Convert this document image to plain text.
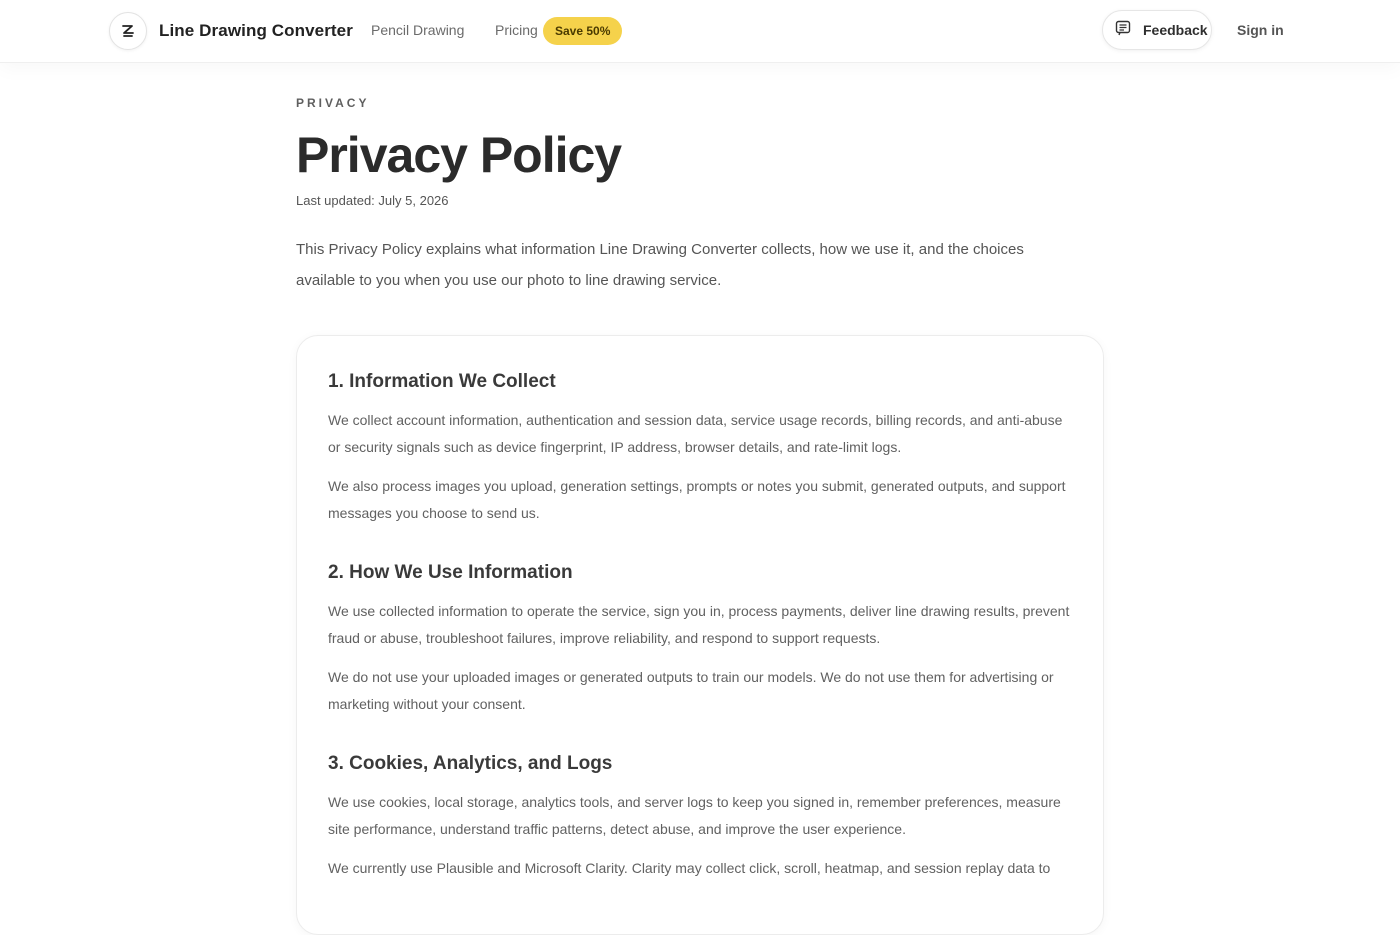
Line Drawing Converter Pencil Drawing Pricing	Save 50%	Feedback Sign in
PRIVACY
Privacy Policy
Last updated: July 5, 2026

This Privacy Policy explains what information Line Drawing Converter collects, how we use it, and the choices available to you when you use our photo to line drawing service.

1. Information We Collect

We collect account information, authentication and session data, service usage records, billing records, and anti-abuse or security signals such as device fingerprint, IP address, browser details, and rate-limit logs.

We also process images you upload, generation settings, prompts or notes you submit, generated outputs, and support messages you choose to send us.

2. How We Use Information

We use collected information to operate the service, sign you in, process payments, deliver line drawing results, prevent fraud or abuse, troubleshoot failures, improve reliability, and respond to support requests.

We do not use your uploaded images or generated outputs to train our models. We do not use them for advertising or marketing without your consent.

3. Cookies, Analytics, and Logs

We use cookies, local storage, analytics tools, and server logs to keep you signed in, remember preferences, measure site performance, understand traffic patterns, detect abuse, and improve the user experience.

We currently use Plausible and Microsoft Clarity. Clarity may collect click, scroll, heatmap, and session replay data to
